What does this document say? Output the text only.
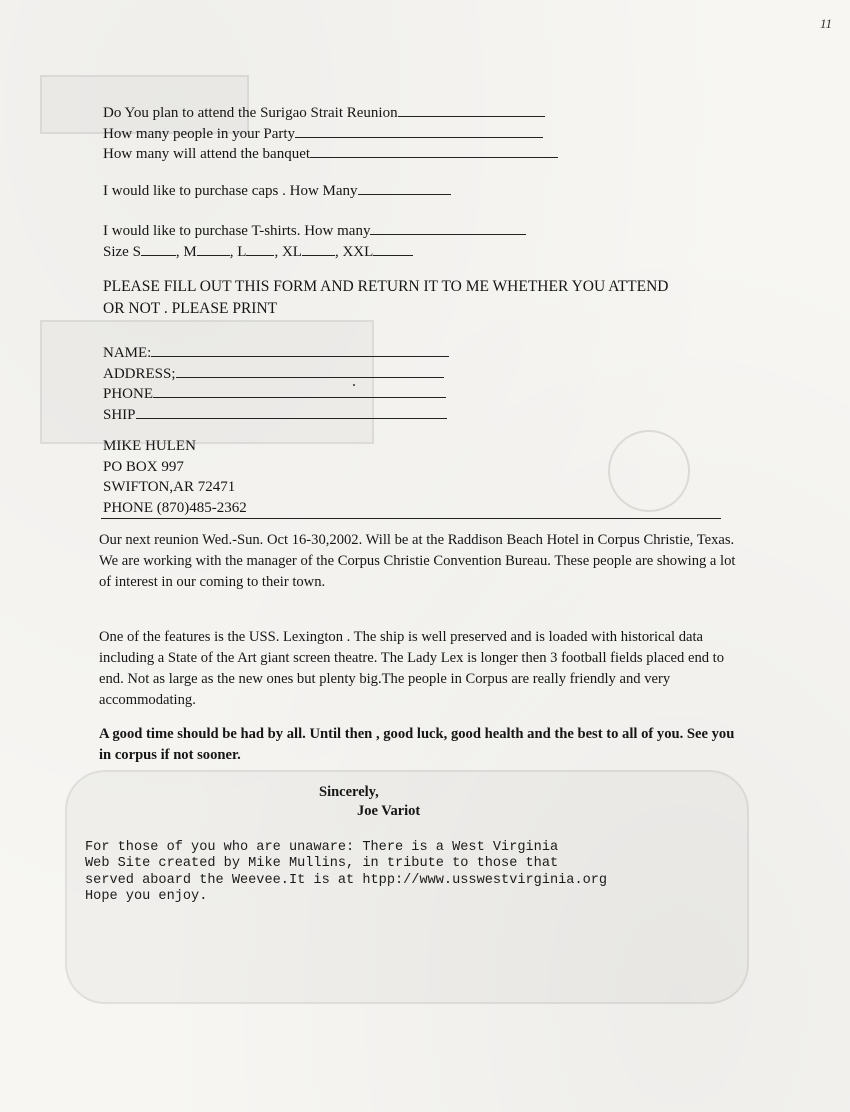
11

Do You plan to attend the Surigao Strait Reunion

How many people in your Party

How many will attend the banquet

I would like to purchase caps . How Many

I would like to purchase T-shirts. How many

Size S , M , L , XL , XXL

PLEASE FILL OUT THIS FORM AND RETURN IT TO ME WHETHER YOU ATTEND OR NOT . PLEASE PRINT

NAME:

ADDRESS;

PHONE

SHIP

MIKE HULEN

PO BOX 997

SWIFTON,AR 72471

PHONE (870)485-2362

Our next reunion Wed.-Sun. Oct 16-30,2002. Will be at the Raddison Beach Hotel in Corpus Christie, Texas. We are working with the manager of the Corpus Christie Convention Bureau. These people are showing a lot of interest in our coming to their town.
One of the features is the USS. Lexington . The ship is well preserved and is loaded with historical data including a State of the Art giant screen theatre. The Lady Lex is longer then 3 football fields placed end to end. Not as large as the new ones but plenty big.The people in Corpus are really friendly and very accommodating.
A good time should be had by all. Until then , good luck, good health and the best to all of you. See you in corpus if not sooner.
Sincerely,
Joe Variot
For those of you who are unaware: There is a West Virginia
Web Site created by Mike Mullins, in tribute to those that
served aboard the Weevee.It is at htpp://www.usswestvirginia.org
Hope you enjoy.
